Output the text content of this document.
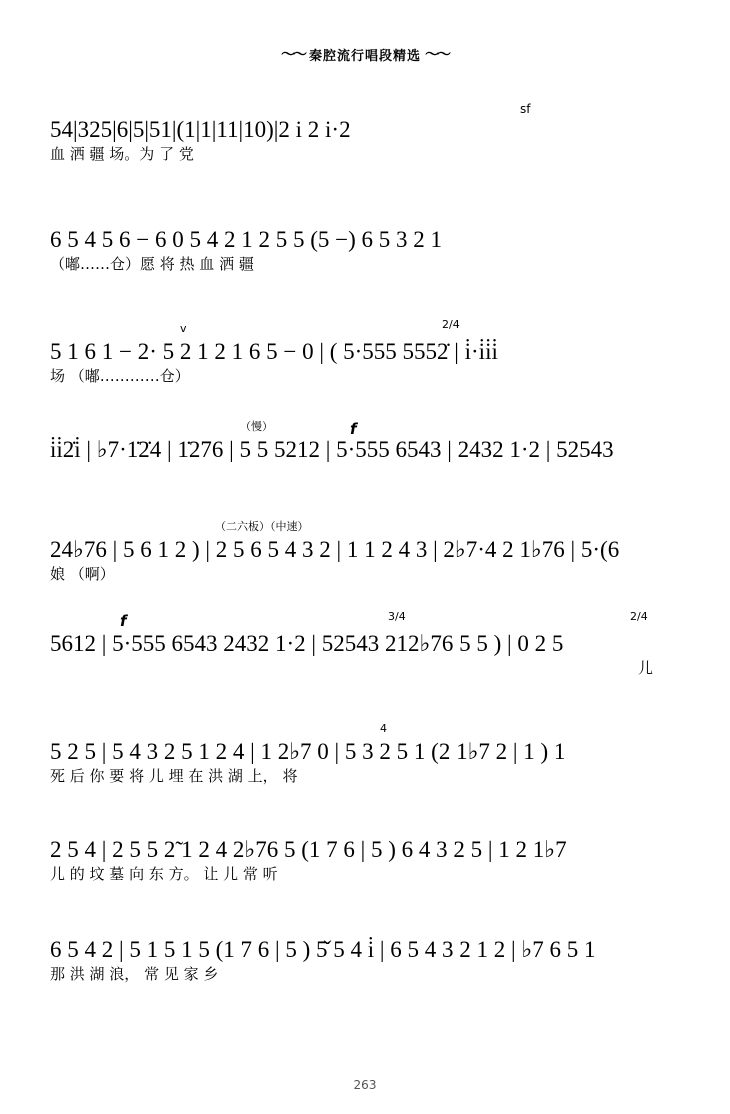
〜〜 秦腔流行唱段精选 〜〜
sf
54|325|6|5|51|(1|1|11|10)|2 i 2 i·2
血 洒 疆 场。为 了 党
6 5 4 5 6 − 6 0 5 4 2 1 2 5 5 (5 −) 6 5 3 2 1
（嘟……仓）愿 将 热 血 洒 疆
v	2/4
5 1 6 1 − 2· 5 2 1 2 1 6 5 − 0 | ( 5·555 5552̇ | i̇·i̇i̇i̇
场 （嘟…………仓）
（慢）	f
i̇i̇2̇i̇ | ♭7·1̇2̇4 | 1̇276 | 5 5 5212 | 5·555 6543 | 2432 1·2 | 52543
（二六板）（中速）
24♭76 | 5 6 1 2 ) | 2 5 6 5 4 3 2 | 1 1 2 4 3 | 2♭7·4 2 1♭76 | 5·(6
娘 （啊）
f	3/4	2/4
5612 | 5·555 6543 2432 1·2 | 52543 212♭76 5 5 ) | 0 2 5
儿
4
5 2 5 | 5 4 3 2 5 1 2 4 | 1 2♭7 0 | 5 3 2 5 1 (2 1♭7 2 | 1 ) 1
死 后 你 要 将 儿 埋 在 洪 湖 上， 将
2 5 4 | 2 5 5 2̃ 1 2 4 2♭76 5 (1 7 6 | 5 ) 6 4 3 2 5 | 1 2 1♭7
儿 的 坟 墓 向 东 方。 让 儿 常 听
6 5 4 2 | 5 1 5 1 5 (1 7 6 | 5 ) 5̌ 5 4 i̇ | 6 5 4 3 2 1 2 | ♭7 6 5 1
那 洪 湖 浪， 常 见 家 乡
263
